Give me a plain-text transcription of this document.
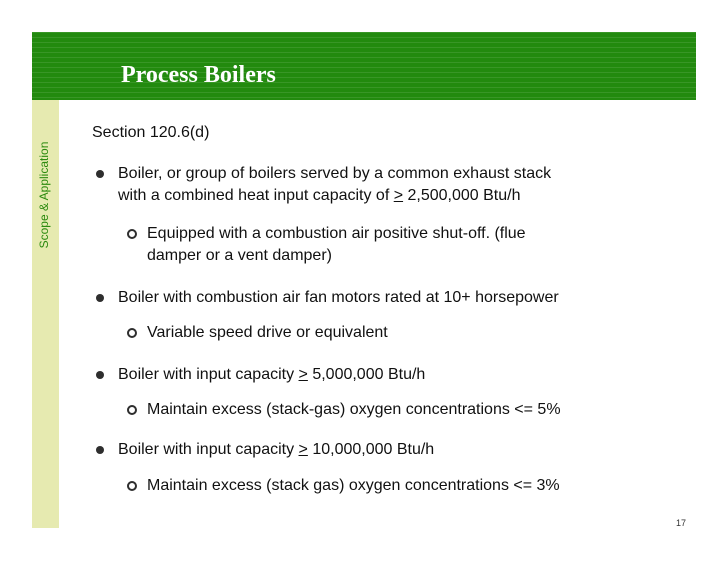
Scope & Application
Process Boilers
Section 120.6(d)
Boiler, or group of boilers served by a common exhaust stack
with a combined heat input capacity of ≥ 2,500,000 Btu/h
Equipped with a combustion air positive shut-off. (flue
damper or a vent damper)
Boiler with combustion air fan motors rated at 10+ horsepower
Variable speed drive or equivalent
Boiler with input capacity ≥ 5,000,000 Btu/h
Maintain excess (stack-gas) oxygen concentrations <= 5%
Boiler with input capacity ≥ 10,000,000 Btu/h
Maintain excess (stack gas) oxygen concentrations <= 3%
17
